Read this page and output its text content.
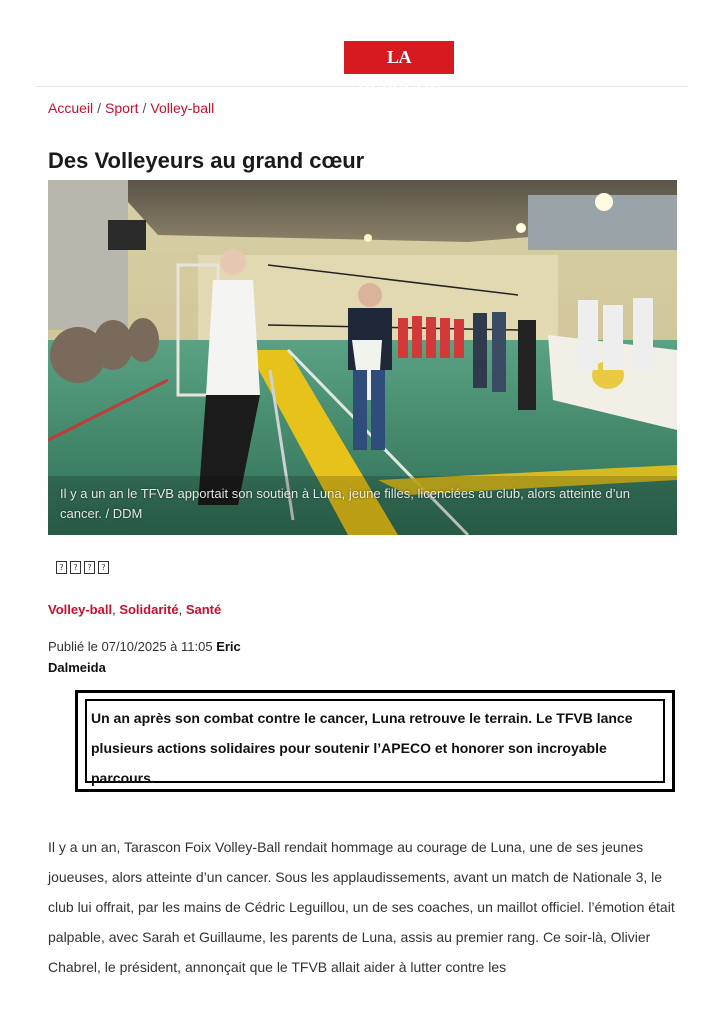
LA DÉPÊCHE
Accueil / Sport / Volley-ball
Des Volleyeurs au grand cœur
Il y a un an le TFVB apportait son soutien à Luna, jeune filles, licenciées au club, alors atteinte d’un cancer. / DDM
?	?	?	?
Volley-ball, Solidarité, Santé
Publié le 07/10/2025 à 11:05 Eric Dalmeida
Un an après son combat contre le cancer, Luna retrouve le terrain. Le TFVB lance plusieurs actions solidaires pour soutenir l’APECO et honorer son incroyable parcours.

Il y a un an, Tarascon Foix Volley-Ball rendait hommage au courage de Luna, une de ses jeunes joueuses, alors atteinte d’un cancer. Sous les applaudissements, avant un match de Nationale 3, le club lui offrait, par les mains de Cédric Leguillou, un de ses coaches, un maillot officiel. l’émotion était palpable, avec Sarah et Guillaume, les parents de Luna, assis au premier rang. Ce soir-là, Olivier Chabrel, le président, annonçait que le TFVB allait aider à lutter contre les
